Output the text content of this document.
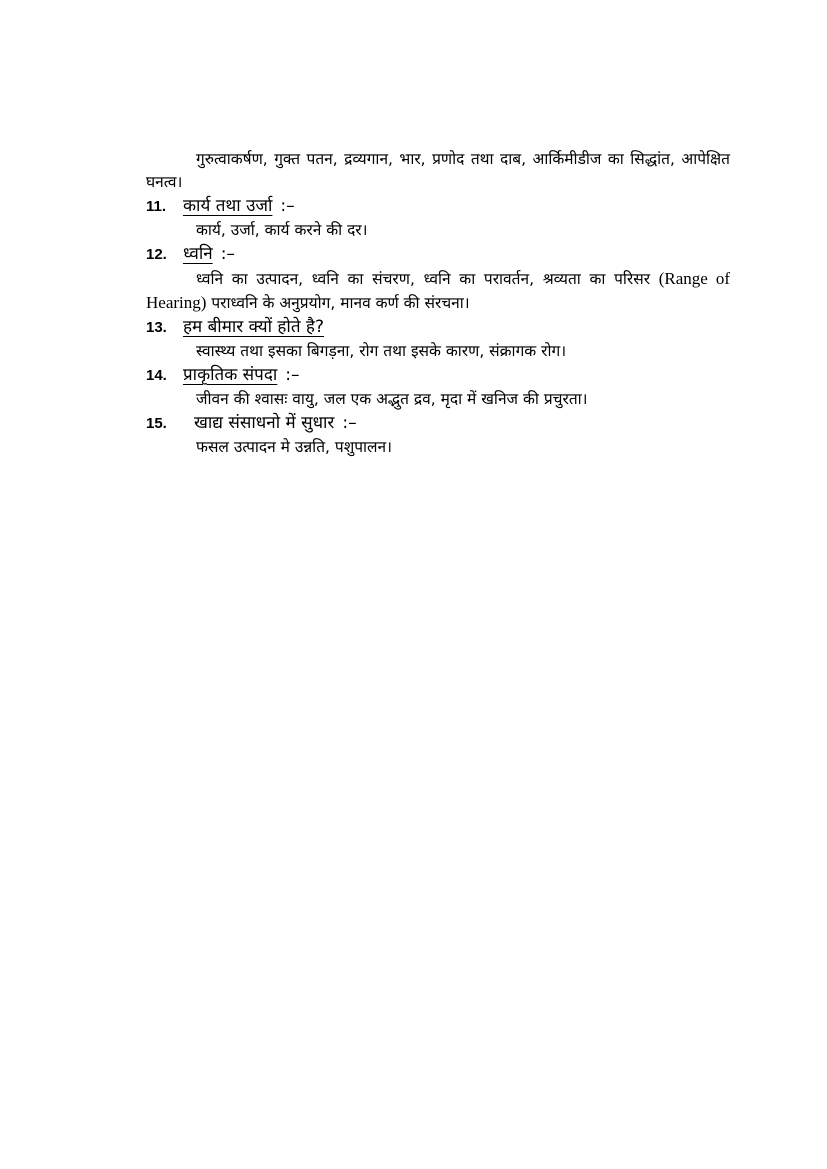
गुरुत्वाकर्षण, गुक्त पतन, द्रव्यगान, भार, प्रणोद तथा दाब, आर्किमीडीज का सिद्धांत, आपेक्षित घनत्व।

11. कार्य तथा उर्जा :–

कार्य, उर्जा, कार्य करने की दर।

12. ध्वनि :–

ध्वनि का उत्पादन, ध्वनि का संचरण, ध्वनि का परावर्तन, श्रव्यता का परिसर (Range of Hearing) पराध्वनि के अनुप्रयोग, मानव कर्ण की संरचना।

13. हम बीमार क्यों होते है?

स्वास्थ्य तथा इसका बिगड़ना, रोग तथा इसके कारण, संक्रागक रोग।

14. प्राकृतिक संपदा :–

जीवन की श्वासः वायु, जल एक अद्भुत द्रव, मृदा में खनिज की प्रचुरता।

15.	खाद्य संसाधनो में सुधार :–

फसल उत्पादन मे उन्नति, पशुपालन।
